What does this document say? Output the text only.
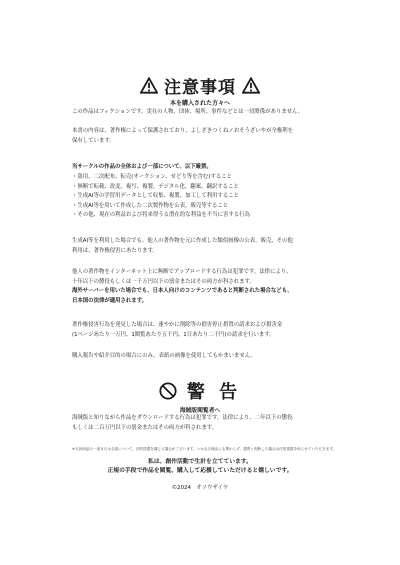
注意事項
本を購入された方々へ
この作品はフィクションです。実在の人物、団体、場所、事件などとは一切関係がありません。
本書の内容は、著作権によって保護されており、よしざきつくねノおそうざいやが全権利を
保有しています。
当サークルの作品の全体および一部について、以下厳禁。
・盗用、二次配布、転売(オークション、せどり等を含む)すること
・無断で転載、改変、複写、複製、デジタル化、翻案、翻訳すること
・生成AI等の学習用データとして収集、複製、加工して利用すること
・生成AI等を用いて作成した二次製作物を公表、販売等すること
・その他、現在の利益および将来得うる潜在的な利益を不当に害する行為
生成AI等を利用した場合でも、他人の著作物を元に作成した類似画像の公表、販売、その他
利用は、著作権侵害にあたります。
他人の著作物をインターネット上に無断でアップロードする行為は犯罪です。法律により、
十年以下の懲役もしくは一千万円以下の罰金またはその両方が科されます。
海外サーバーを用いた場合でも、日本人向けのコンテンツであると判断された場合なども、
日本国の法律が適用されます。
著作権侵害行為を発見した場合は、速やかに削除等の損害停止措置の請求および損害金
(1ページあたり一万円、1閲覧あたり五千円、1日あたり二千円)の請求を行います。
購入報告や紹介目的の場合にのみ、表紙の画像を使用してもかまいません。
警 告
海賊版閲覧者へ
海賊版と知りながら作品をダウンロードする行為は犯罪です。法律により、二年以下の懲役
もしくは二百万円以下の罰金またはその両方が科されます。
※当該商品の一部または全部について、法的措置を講じる場合がございます。いかなる理由にも関わらず、悪質と判断した場合は法的措置を取らせていただきます。
私は、創作活動で生計を立てています。
正規の手段で作品を閲覧、購入して応援していただけると嬉しいです。
©2024　オソウザイヤ
